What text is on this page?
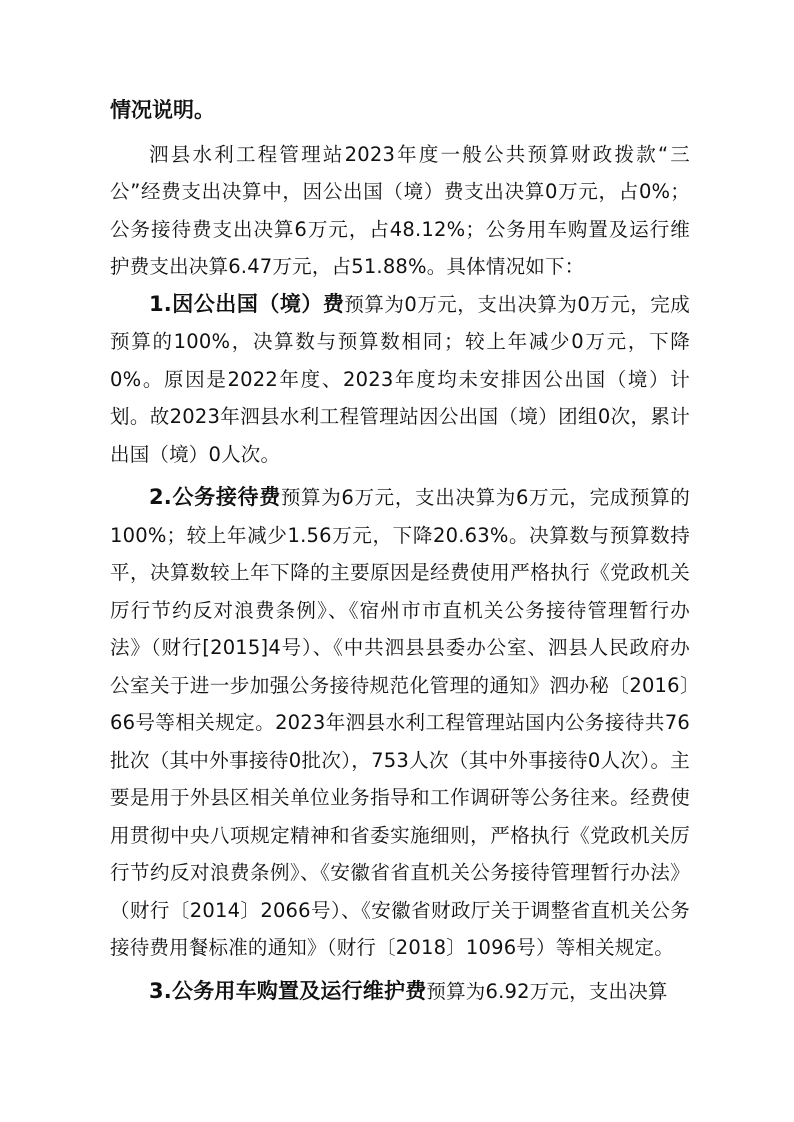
情况说明。

泗县水利工程管理站2023年度一般公共预算财政拨款“三公”经费支出决算中，因公出国（境）费支出决算0万元，占0%；公务接待费支出决算6万元，占48.12%；公务用车购置及运行维护费支出决算6.47万元，占51.88%。具体情况如下：

1.因公出国（境）费预算为0万元，支出决算为0万元，完成预算的100%，决算数与预算数相同；较上年减少0万元，下降0%。原因是2022年度、2023年度均未安排因公出国（境）计划。故2023年泗县水利工程管理站因公出国（境）团组0次，累计出国（境）0人次。

2.公务接待费预算为6万元，支出决算为6万元，完成预算的100%；较上年减少1.56万元，下降20.63%。决算数与预算数持平，决算数较上年下降的主要原因是经费使用严格执行《党政机关厉行节约反对浪费条例》、《宿州市市直机关公务接待管理暂行办法》（财行[2015]4号）、《中共泗县县委办公室、泗县人民政府办公室关于进一步加强公务接待规范化管理的通知》泗办秘〔2016〕66号等相关规定。2023年泗县水利工程管理站国内公务接待共76批次（其中外事接待0批次），753人次（其中外事接待0人次）。主要是用于外县区相关单位业务指导和工作调研等公务往来。经费使用贯彻中央八项规定精神和省委实施细则，严格执行《党政机关厉行节约反对浪费条例》、《安徽省省直机关公务接待管理暂行办法》（财行〔2014〕2066号）、《安徽省财政厅关于调整省直机关公务接待费用餐标准的通知》（财行〔2018〕1096号）等相关规定。

3.公务用车购置及运行维护费预算为6.92万元，支出决算
